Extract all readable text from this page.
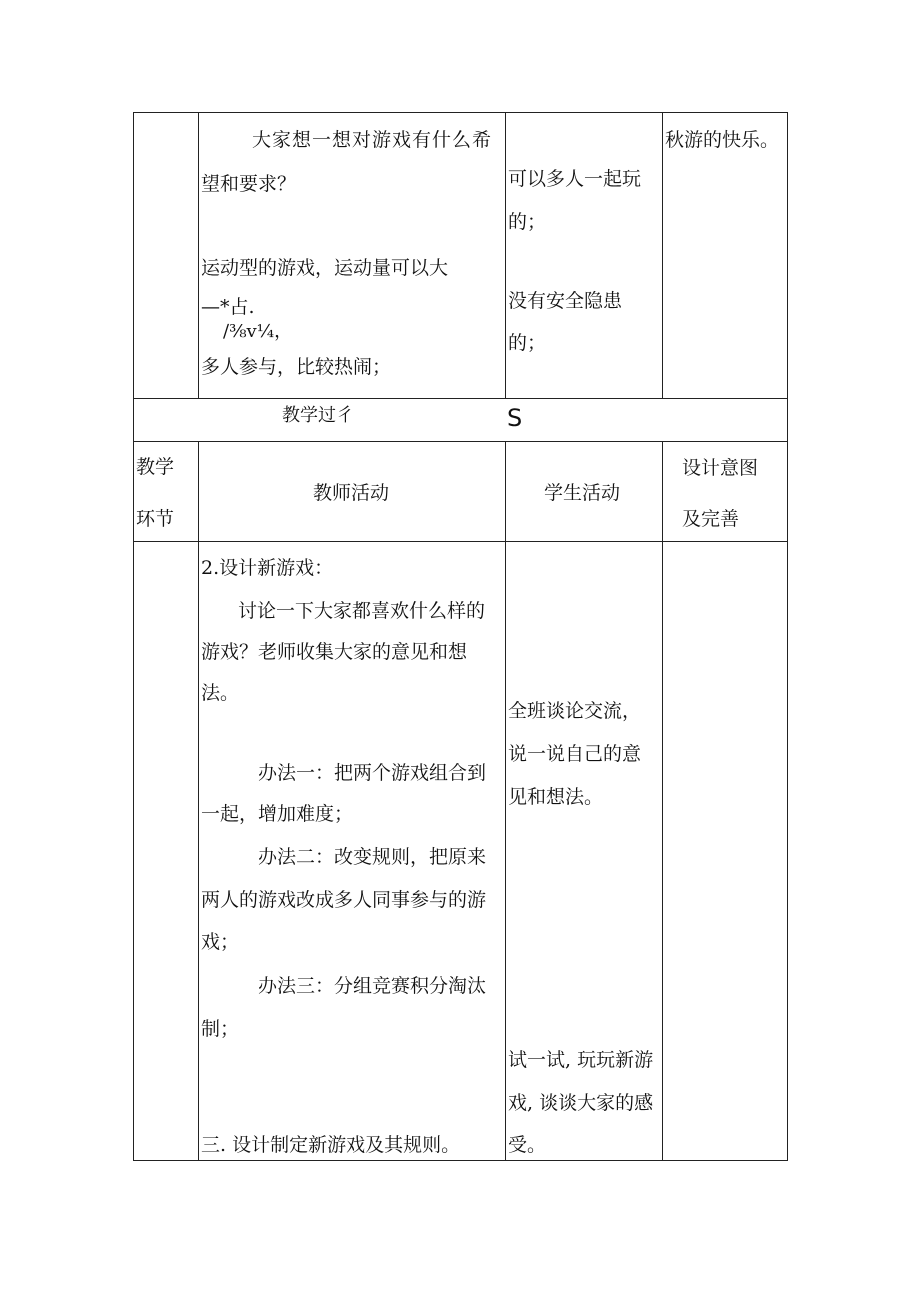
大家想一想对游戏有什么希
望和要求？
运动型的游戏，运动量可以大
—*占.
∕⅜v¼，
多人参与，比较热闹；
可以多人一起玩
的；
没有安全隐患
的；
秋游的快乐。
教学过彳	S
教学
环节
教师活动	学生活动
设计意图
及完善
2.设计新游戏：
讨论一下大家都喜欢什么样的
游戏？老师收集大家的意见和想
法。
办法一：把两个游戏组合到
一起，增加难度；
办法二：改变规则，把原来
两人的游戏改成多人同事参与的游
戏；
办法三：分组竞赛积分淘汰
制；
三. 设计制定新游戏及其规则。
全班谈论交流，
说一说自己的意
见和想法。
试一试, 玩玩新游
戏, 谈谈大家的感
受。
